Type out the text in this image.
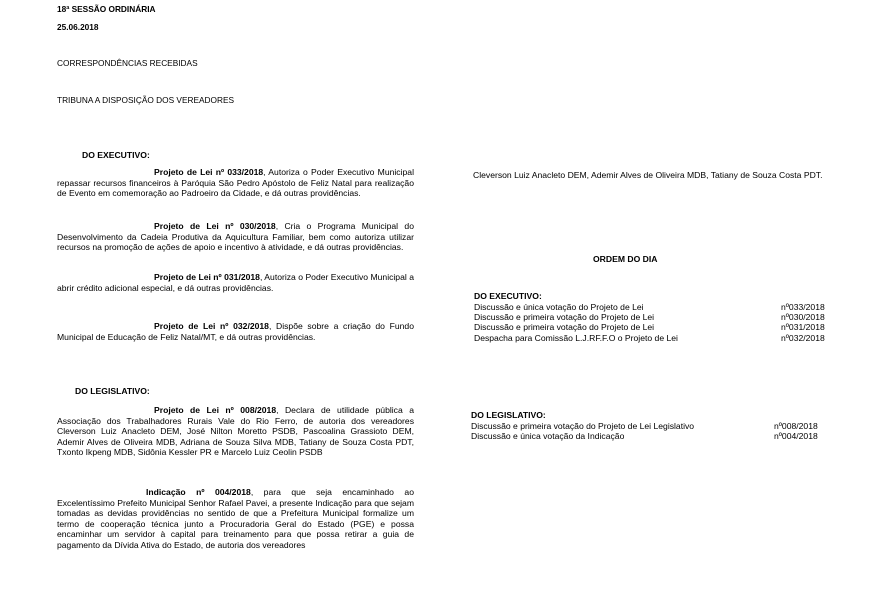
18ª SESSÃO ORDINÁRIA
25.06.2018
CORRESPONDÊNCIAS RECEBIDAS
TRIBUNA A DISPOSIÇÃO DOS VEREADORES
DO EXECUTIVO:

Projeto de Lei nº 033/2018, Autoriza o Poder Executivo Municipal repassar recursos financeiros à Paróquia São Pedro Apóstolo de Feliz Natal para realização de Evento em comemoração ao Padroeiro da Cidade, e dá outras providências.

Projeto de Lei nº 030/2018, Cria o Programa Municipal do Desenvolvimento da Cadeia Produtiva da Aquicultura Familiar, bem como autoriza utilizar recursos na promoção de ações de apoio e incentivo à atividade, e dá outras providências.

Projeto de Lei nº 031/2018, Autoriza o Poder Executivo Municipal a abrir crédito adicional especial, e dá outras providências.

Projeto de Lei nº 032/2018, Dispõe sobre a criação do Fundo Municipal de Educação de Feliz Natal/MT, e dá outras providências.

DO LEGISLATIVO:

Projeto de Lei nº 008/2018, Declara de utilidade pública a Associação dos Trabalhadores Rurais Vale do Rio Ferro, de autoria dos vereadores Cleverson Luiz Anacleto DEM, José Nilton Moretto PSDB, Pascoalina Grassioto DEM, Ademir Alves de Oliveira MDB, Adriana de Souza Silva MDB, Tatiany de Souza Costa PDT, Txonto Ikpeng MDB, Sidônia Kessler PR e Marcelo Luiz Ceolin PSDB

Indicação nº 004/2018, para que seja encaminhado ao Excelentíssimo Prefeito Municipal Senhor Rafael Pavei, a presente Indicação para que sejam tomadas as devidas providências no sentido de que a Prefeitura Municipal formalize um termo de cooperação técnica junto a Procuradoria Geral do Estado (PGE) e possa encaminhar um servidor à capital para treinamento para que possa retirar a guia de pagamento da Dívida Ativa do Estado, de autoria dos vereadores

Cleverson Luiz Anacleto DEM, Ademir Alves de Oliveira MDB, Tatiany de Souza Costa PDT.

ORDEM DO DIA
DO EXECUTIVO:
Discussão e única votação do Projeto de Lei	nº033/2018
Discussão e primeira votação do Projeto de Lei	nº030/2018
Discussão e primeira votação do Projeto de Lei	nº031/2018
Despacha para Comissão L.J.RF.F.O o Projeto de Lei	nº032/2018
DO LEGISLATIVO:
Discussão e primeira votação do Projeto de Lei Legislativo	nº008/2018
Discussão e única votação da Indicação	nº004/2018
